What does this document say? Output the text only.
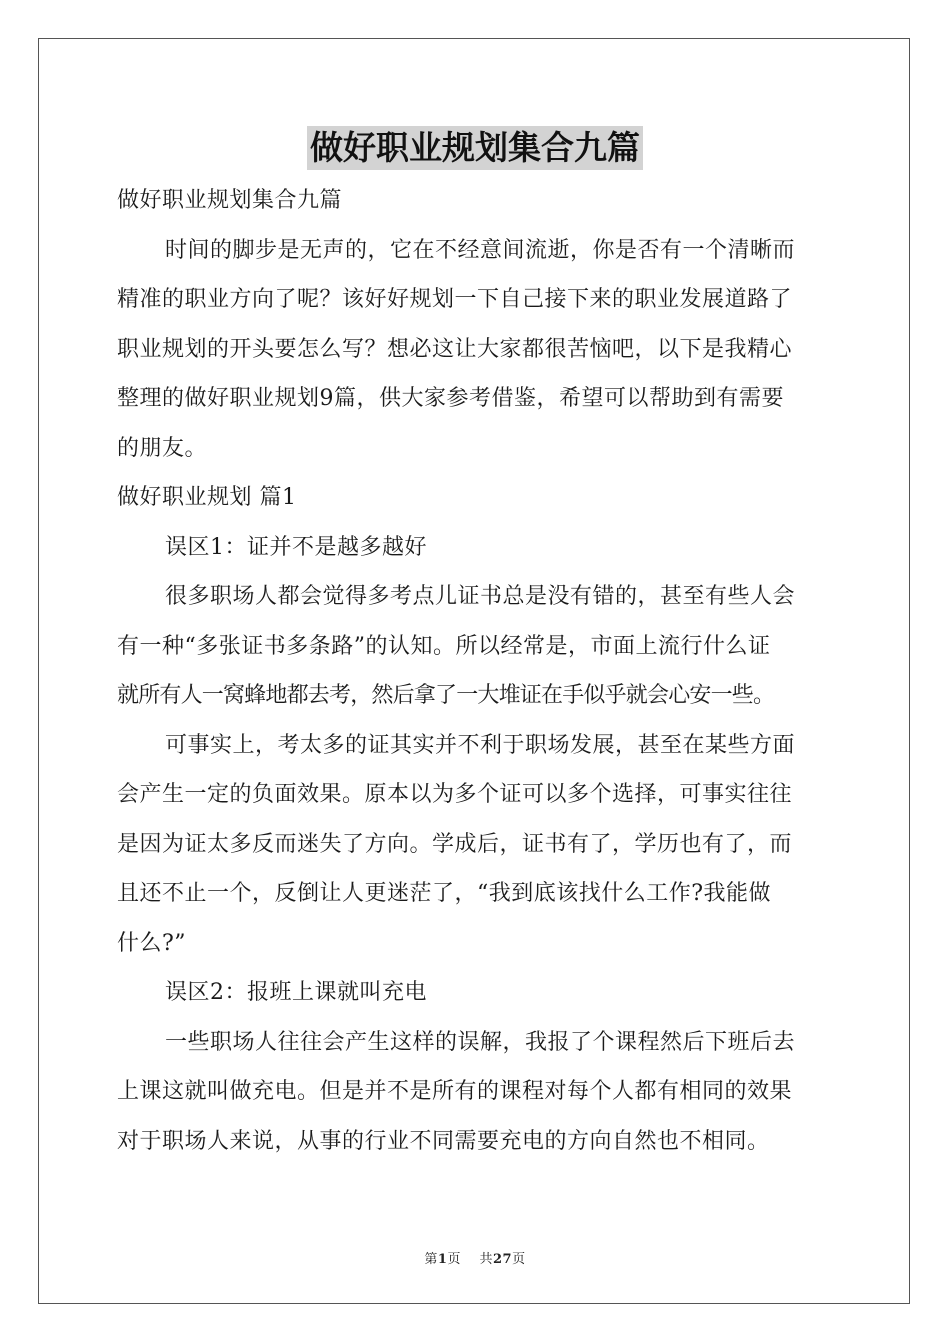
做好职业规划集合九篇
做好职业规划集合九篇
时间的脚步是无声的，它在不经意间流逝，你是否有一个清晰而
精准的职业方向了呢？该好好规划一下自己接下来的职业发展道路了
职业规划的开头要怎么写？想必这让大家都很苦恼吧，以下是我精心
整理的做好职业规划9篇，供大家参考借鉴，希望可以帮助到有需要
的朋友。
做好职业规划 篇1
误区1：证并不是越多越好
很多职场人都会觉得多考点儿证书总是没有错的，甚至有些人会
有一种“多张证书多条路”的认知。所以经常是，市面上流行什么证
就所有人一窝蜂地都去考，然后拿了一大堆证在手似乎就会心安一些。
可事实上，考太多的证其实并不利于职场发展，甚至在某些方面
会产生一定的负面效果。原本以为多个证可以多个选择，可事实往往
是因为证太多反而迷失了方向。学成后，证书有了，学历也有了，而
且还不止一个，反倒让人更迷茫了，“我到底该找什么工作?我能做
什么?”
误区2：报班上课就叫充电
一些职场人往往会产生这样的误解，我报了个课程然后下班后去
上课这就叫做充电。但是并不是所有的课程对每个人都有相同的效果
对于职场人来说，从事的行业不同需要充电的方向自然也不相同。
第1页 共27页
